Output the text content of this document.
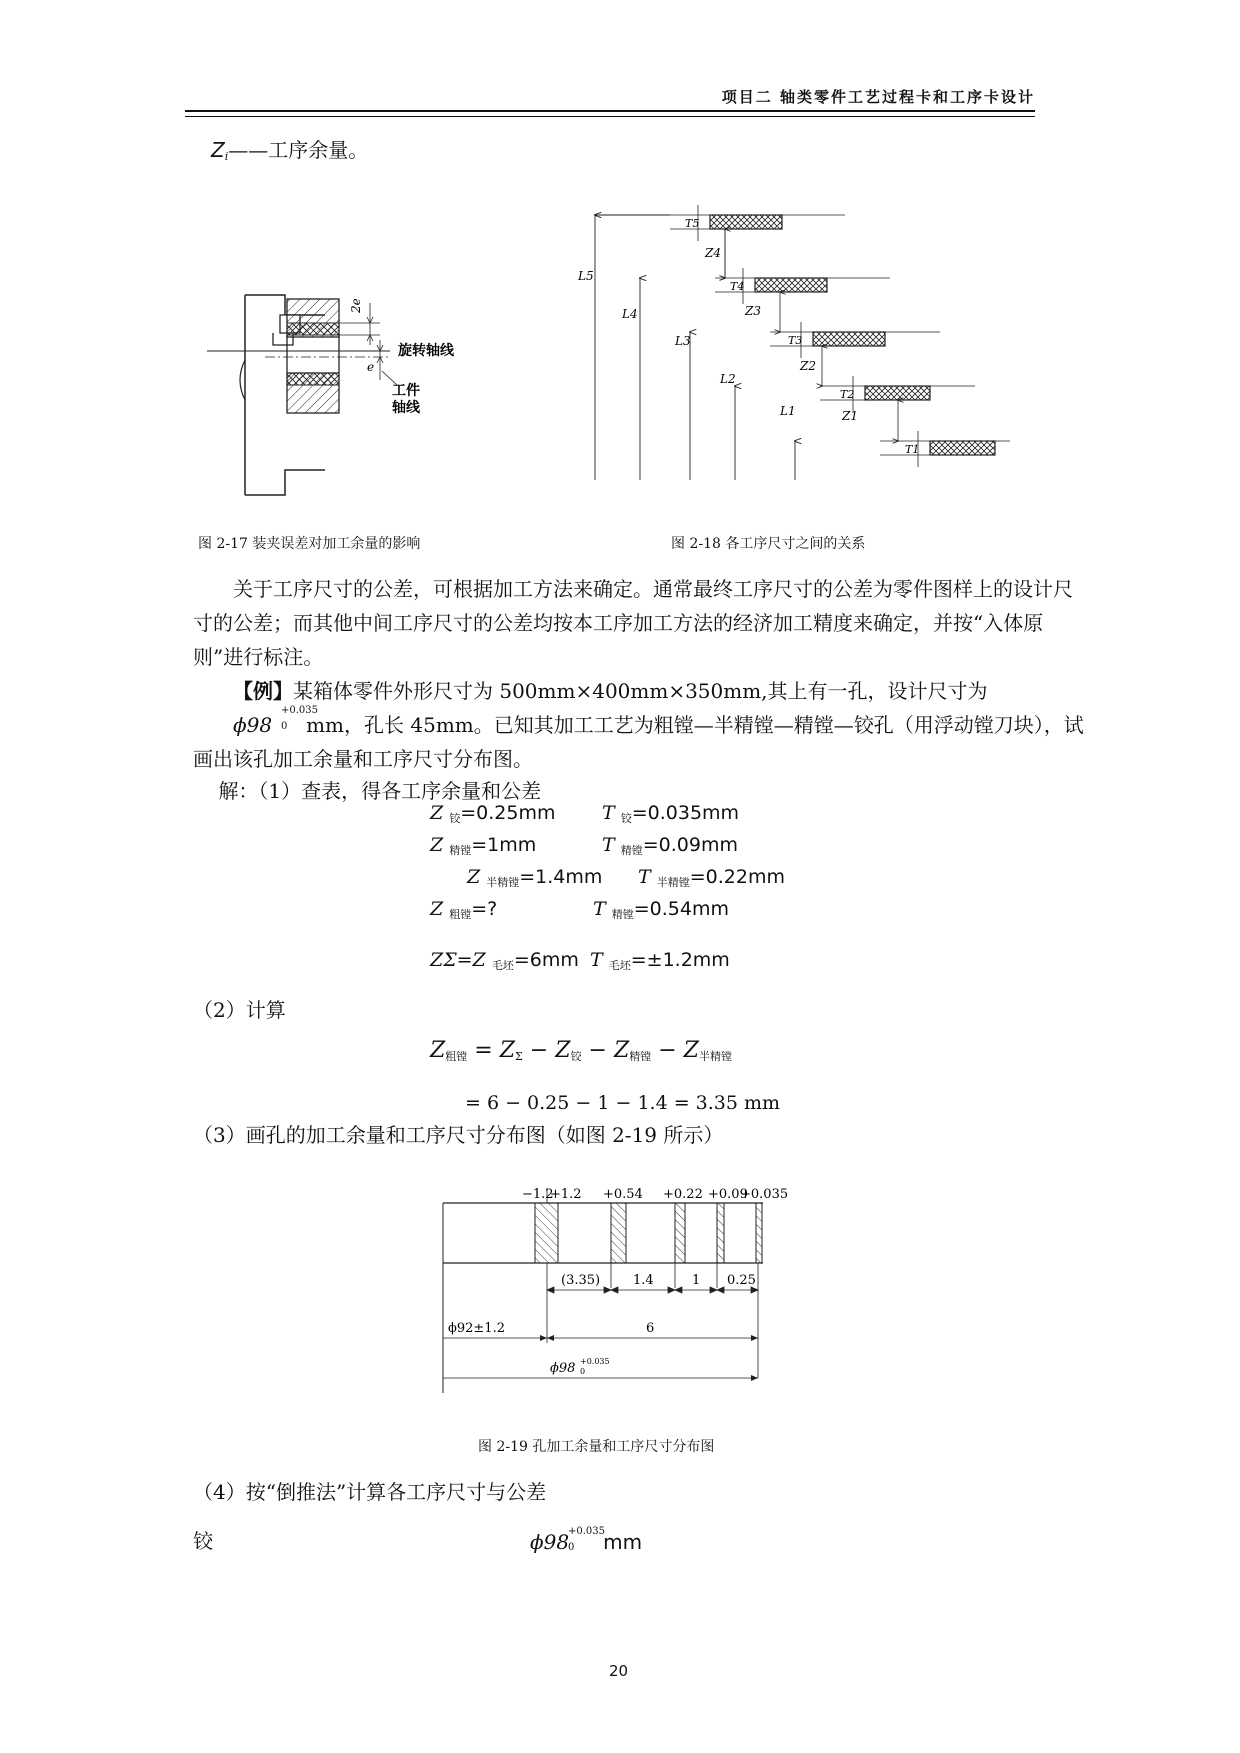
项目二 轴类零件工艺过程卡和工序卡设计
$Z_i——$工序余量。
2e
e
旋转轴线
工件
轴线
图 2-17 装夹误差对加工余量的影响
T5
T4
T3
T2
T1
Z4
Z3
Z2
Z1
L5
L4
L3
L2
L1
图 2-18 各工序尺寸之间的关系
关于工序尺寸的公差，可根据加工方法来确定。通常最终工序尺寸的公差为零件图样上的设计尺寸的公差；而其他中间工序尺寸的公差均按本工序加工方法的经济加工精度来确定，并按“入体原则”进行标注。
【例】某箱体零件外形尺寸为 500mm×400mm×350mm,其上有一孔，设计尺寸为ϕ98
+0.035
0 mm，孔长 45mm。已知其加工工艺为粗镗—半精镗—精镗—铰孔（用浮动镗刀块），试画出该孔加工余量和工序尺寸分布图。
解：（1）查表，得各工序余量和公差
Z $_铰$=0.25mm T $_铰$=0.035mm
Z $_{精镗}$=1mm	T $_{精镗}$=0.09mm
Z $_{半精镗}$=1.4mm T $_{半精镗}$=0.22mm
Z $_{粗镗}$=?	T $_{精镗}$=0.54mm
ZΣ=Z $_{毛坯}$=6mm T $_{毛坯}$=±1.2mm
（2）计算
$Z_{粗镗} = Z_\Sigma - Z_铰 - Z_{精镗} - Z_{半精镗}$
= 6 − 0.25 − 1 − 1.4 = 3.35 mm
（3）画孔的加工余量和工序尺寸分布图（如图 2-19 所示）
−1.2
+1.2 +0.54 +0.22 +0.09
+0.035
(3.35)	1.4	1 0.25
ϕ92±1.2	6
ϕ98 +0.035
0
图 2-19 孔加工余量和工序尺寸分布图
（4）按“倒推法”计算各工序尺寸与公差
铰	ϕ98
+0.035
0 mm
20
